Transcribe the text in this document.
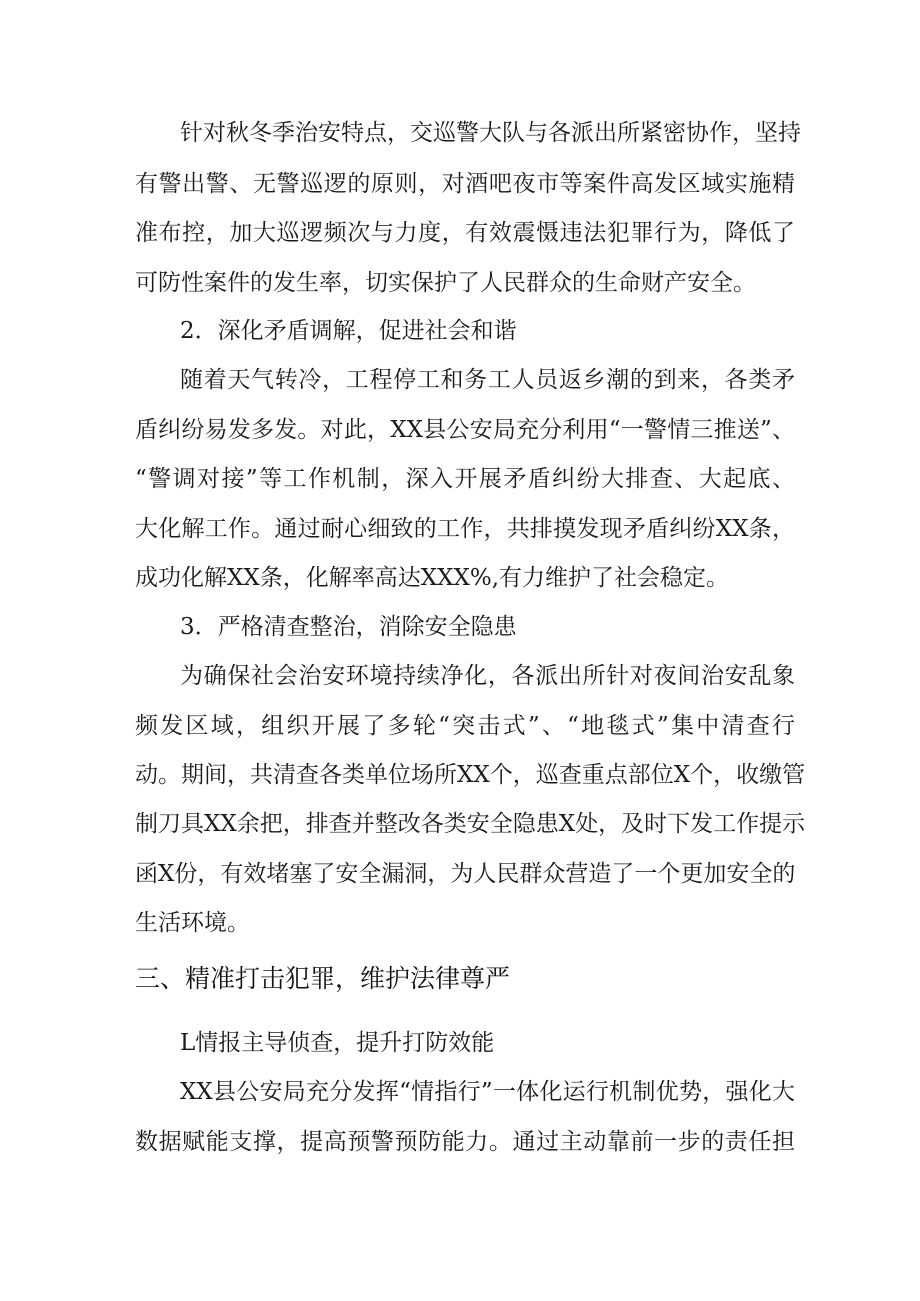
针对秋冬季治安特点，交巡警大队与各派出所紧密协作，坚持
有警出警、无警巡逻的原则，对酒吧夜市等案件高发区域实施精
准布控，加大巡逻频次与力度，有效震慑违法犯罪行为，降低了
可防性案件的发生率，切实保护了人民群众的生命财产安全。
2．深化矛盾调解，促进社会和谐
随着天气转冷，工程停工和务工人员返乡潮的到来，各类矛
盾纠纷易发多发。对此，XX县公安局充分利用“一警情三推送”、
“警调对接”等工作机制，深入开展矛盾纠纷大排查、大起底、
大化解工作。通过耐心细致的工作，共排摸发现矛盾纠纷XX条，
成功化解XX条，化解率高达XXX%,有力维护了社会稳定。
3．严格清查整治，消除安全隐患
为确保社会治安环境持续净化，各派出所针对夜间治安乱象
频发区域，组织开展了多轮“突击式”、“地毯式”集中清查行
动。期间，共清查各类单位场所XX个，巡查重点部位X个，收缴管
制刀具XX余把，排查并整改各类安全隐患X处，及时下发工作提示
函X份，有效堵塞了安全漏洞，为人民群众营造了一个更加安全的
生活环境。
三、精准打击犯罪，维护法律尊严
L情报主导侦查，提升打防效能
XX县公安局充分发挥“情指行”一体化运行机制优势，强化大
数据赋能支撑，提高预警预防能力。通过主动靠前一步的责任担
